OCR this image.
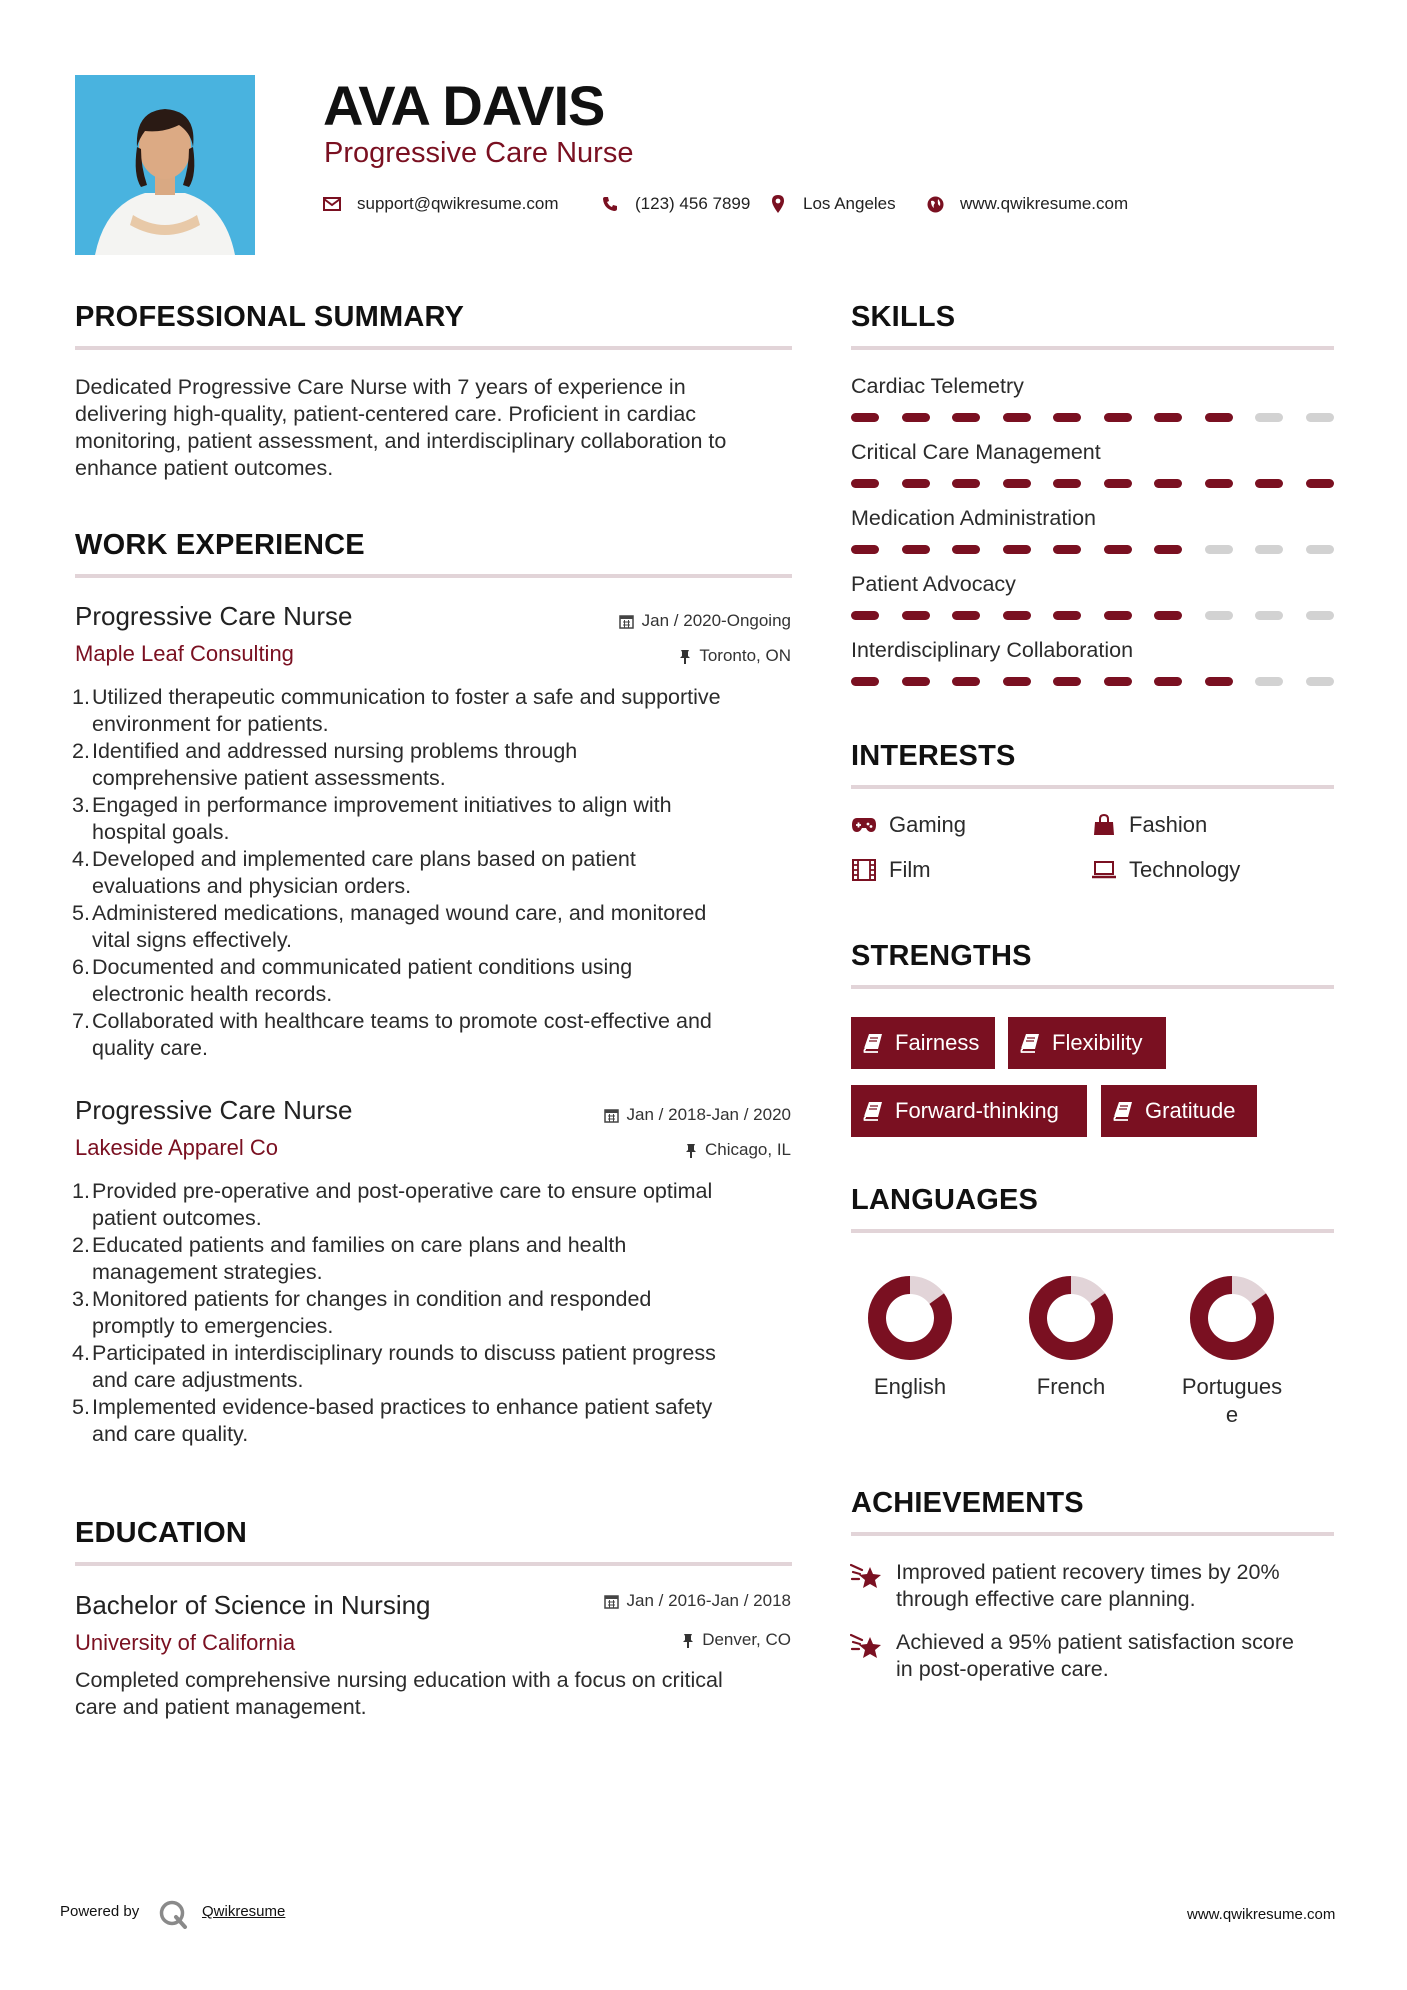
AVA DAVIS
Progressive Care Nurse
support@qwikresume.com	(123) 456 7899	Los Angeles	www.qwikresume.com
PROFESSIONAL SUMMARY
Dedicated Progressive Care Nurse with 7 years of experience in
delivering high-quality, patient-centered care. Proficient in cardiac
monitoring, patient assessment, and interdisciplinary collaboration to
enhance patient outcomes.
WORK EXPERIENCE
Progressive Care Nurse
Maple Leaf Consulting
Jan / 2020-Ongoing
Toronto, ON
1. Utilized therapeutic communication to foster a safe and supportive
environment for patients.
2. Identified and addressed nursing problems through
comprehensive patient assessments.
3. Engaged in performance improvement initiatives to align with
hospital goals.
4. Developed and implemented care plans based on patient
evaluations and physician orders.
5. Administered medications, managed wound care, and monitored
vital signs effectively.
6. Documented and communicated patient conditions using
electronic health records.
7. Collaborated with healthcare teams to promote cost-effective and
quality care.
Progressive Care Nurse
Lakeside Apparel Co
Jan / 2018-Jan / 2020
Chicago, IL
1. Provided pre-operative and post-operative care to ensure optimal
patient outcomes.
2. Educated patients and families on care plans and health
management strategies.
3. Monitored patients for changes in condition and responded
promptly to emergencies.
4. Participated in interdisciplinary rounds to discuss patient progress
and care adjustments.
5. Implemented evidence-based practices to enhance patient safety
and care quality.
EDUCATION
Bachelor of Science in Nursing
University of California
Jan / 2016-Jan / 2018
Denver, CO
Completed comprehensive nursing education with a focus on critical
care and patient management.
SKILLS
Cardiac Telemetry
Critical Care Management
Medication Administration
Patient Advocacy
Interdisciplinary Collaboration
INTERESTS
Gaming	Fashion
Film	Technology
STRENGTHS
Fairness	Flexibility
Forward-thinking	Gratitude
LANGUAGES
English	French	Portugues
e
ACHIEVEMENTS
Improved patient recovery times by 20%
through effective care planning.
Achieved a 95% patient satisfaction score
in post-operative care.
Powered by	Qwikresume	www.qwikresume.com
